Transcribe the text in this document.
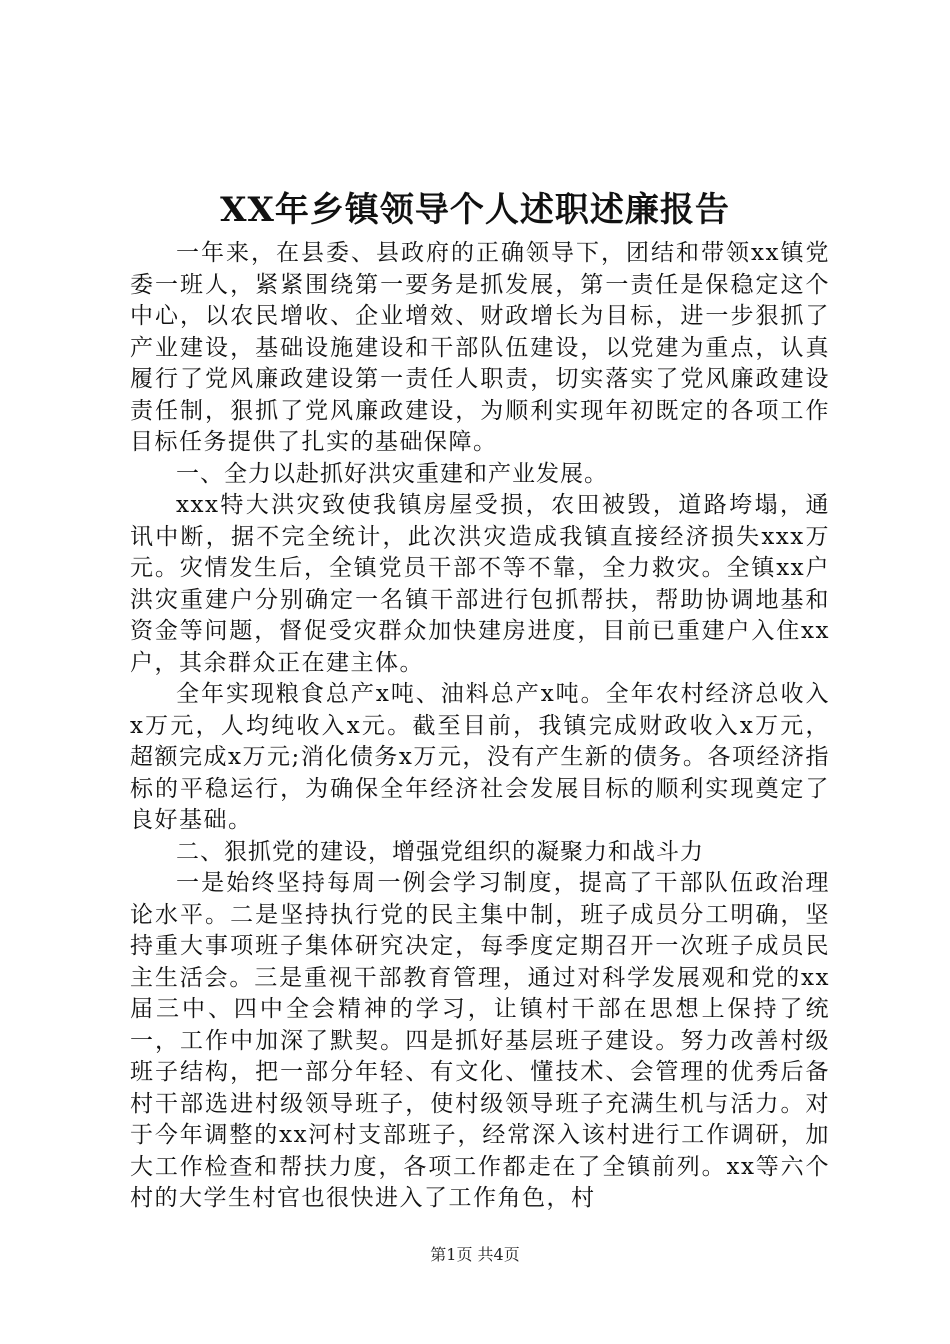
XX年乡镇领导个人述职述廉报告

一年来，在县委、县政府的正确领导下，团结和带领xx镇党委一班人，紧紧围绕第一要务是抓发展，第一责任是保稳定这个中心，以农民增收、企业增效、财政增长为目标，进一步狠抓了产业建设，基础设施建设和干部队伍建设，以党建为重点，认真履行了党风廉政建设第一责任人职责，切实落实了党风廉政建设责任制，狠抓了党风廉政建设，为顺利实现年初既定的各项工作目标任务提供了扎实的基础保障。

一、全力以赴抓好洪灾重建和产业发展。

xxx特大洪灾致使我镇房屋受损，农田被毁，道路垮塌，通讯中断，据不完全统计，此次洪灾造成我镇直接经济损失xxx万元。灾情发生后，全镇党员干部不等不靠，全力救灾。全镇xx户洪灾重建户分别确定一名镇干部进行包抓帮扶，帮助协调地基和资金等问题，督促受灾群众加快建房进度，目前已重建户入住xx户，其余群众正在建主体。

全年实现粮食总产x吨、油料总产x吨。全年农村经济总收入x万元，人均纯收入x元。截至目前，我镇完成财政收入x万元，超额完成x万元;消化债务x万元，没有产生新的债务。各项经济指标的平稳运行，为确保全年经济社会发展目标的顺利实现奠定了良好基础。

二、狠抓党的建设，增强党组织的凝聚力和战斗力

一是始终坚持每周一例会学习制度，提高了干部队伍政治理论水平。二是坚持执行党的民主集中制，班子成员分工明确，坚持重大事项班子集体研究决定，每季度定期召开一次班子成员民主生活会。三是重视干部教育管理，通过对科学发展观和党的xx届三中、四中全会精神的学习，让镇村干部在思想上保持了统一，工作中加深了默契。四是抓好基层班子建设。努力改善村级班子结构，把一部分年轻、有文化、懂技术、会管理的优秀后备村干部选进村级领导班子，使村级领导班子充满生机与活力。对于今年调整的xx河村支部班子，经常深入该村进行工作调研，加大工作检查和帮扶力度，各项工作都走在了全镇前列。xx等六个村的大学生村官也很快进入了工作角色，村

第1页 共4页
